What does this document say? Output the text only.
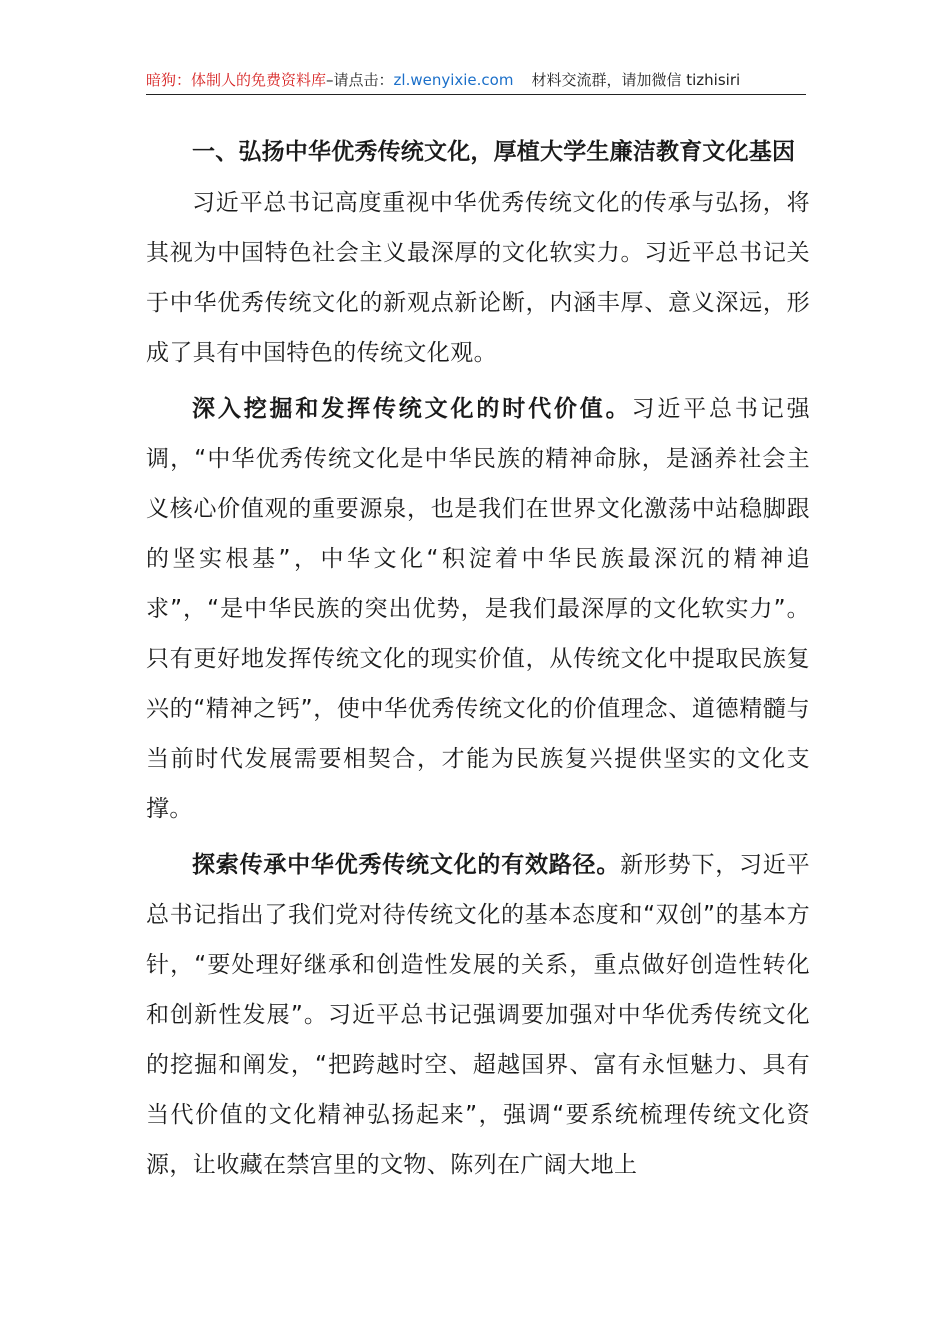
暗狗：体制人的免费资料库–请点击：zl.wenyixie.com 材料交流群，请加微信 tizhisiri

一、弘扬中华优秀传统文化，厚植大学生廉洁教育文化基因

习近平总书记高度重视中华优秀传统文化的传承与弘扬，将其视为中国特色社会主义最深厚的文化软实力。习近平总书记关于中华优秀传统文化的新观点新论断，内涵丰厚、意义深远，形成了具有中国特色的传统文化观。

深入挖掘和发挥传统文化的时代价值。习近平总书记强调，“中华优秀传统文化是中华民族的精神命脉，是涵养社会主义核心价值观的重要源泉，也是我们在世界文化激荡中站稳脚跟的坚实根基”，中华文化“积淀着中华民族最深沉的精神追求”，“是中华民族的突出优势，是我们最深厚的文化软实力”。只有更好地发挥传统文化的现实价值，从传统文化中提取民族复兴的“精神之钙”，使中华优秀传统文化的价值理念、道德精髓与当前时代发展需要相契合，才能为民族复兴提供坚实的文化支撑。

探索传承中华优秀传统文化的有效路径。新形势下，习近平总书记指出了我们党对待传统文化的基本态度和“双创”的基本方针，“要处理好继承和创造性发展的关系，重点做好创造性转化和创新性发展”。习近平总书记强调要加强对中华优秀传统文化的挖掘和阐发，“把跨越时空、超越国界、富有永恒魅力、具有当代价值的文化精神弘扬起来”，强调“要系统梳理传统文化资源，让收藏在禁宫里的文物、陈列在广阔大地上
